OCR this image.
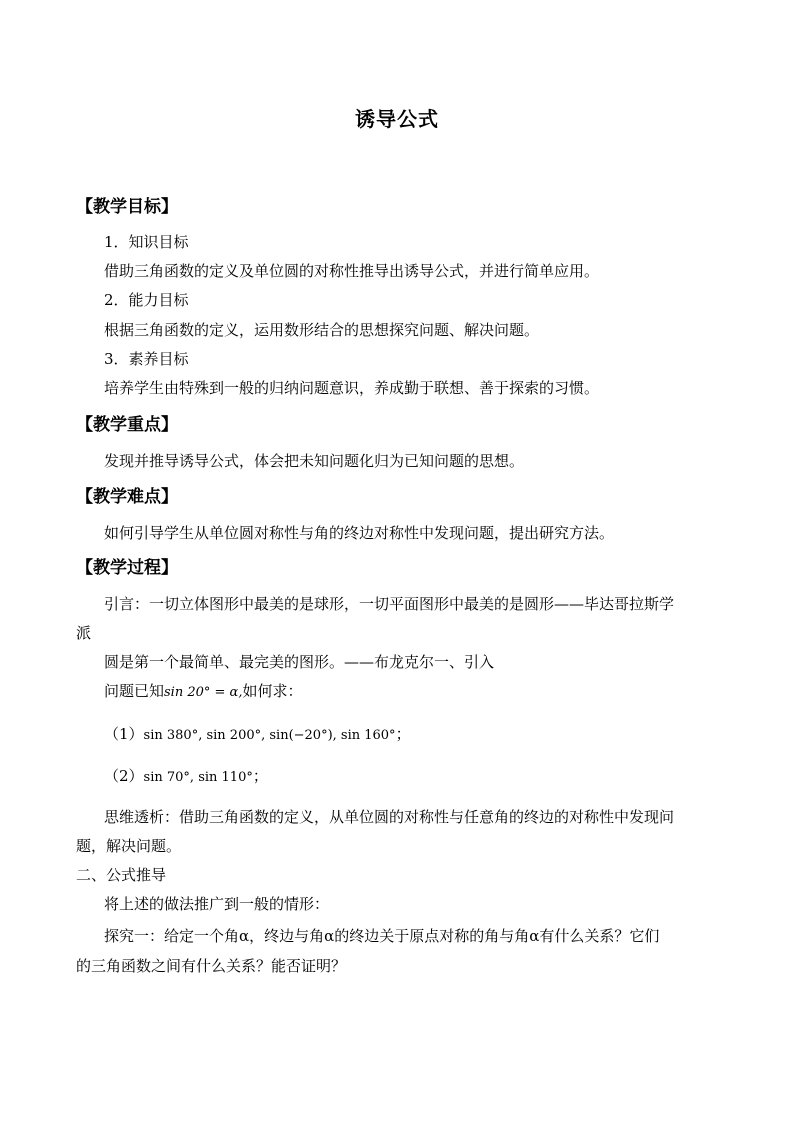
诱导公式
【教学目标】
1．知识目标
借助三角函数的定义及单位圆的对称性推导出诱导公式，并进行简单应用。
2．能力目标
根据三角函数的定义，运用数形结合的思想探究问题、解决问题。
3．素养目标
培养学生由特殊到一般的归纳问题意识，养成勤于联想、善于探索的习惯。
【教学重点】
发现并推导诱导公式，体会把未知问题化归为已知问题的思想。
【教学难点】
如何引导学生从单位圆对称性与角的终边对称性中发现问题，提出研究方法。
【教学过程】
引言：一切立体图形中最美的是球形，一切平面图形中最美的是圆形——毕达哥拉斯学
派
圆是第一个最简单、最完美的图形。——布龙克尔一、引入
问题已知sin 20° = α,如何求：
（1）sin 380°, sin 200°, sin(−20°), sin 160°；
（2）sin 70°, sin 110°；
思维透析：借助三角函数的定义，从单位圆的对称性与任意角的终边的对称性中发现问
题，解决问题。
二、公式推导
将上述的做法推广到一般的情形：
探究一：给定一个角α，终边与角α的终边关于原点对称的角与角α有什么关系？它们
的三角函数之间有什么关系？能否证明？
